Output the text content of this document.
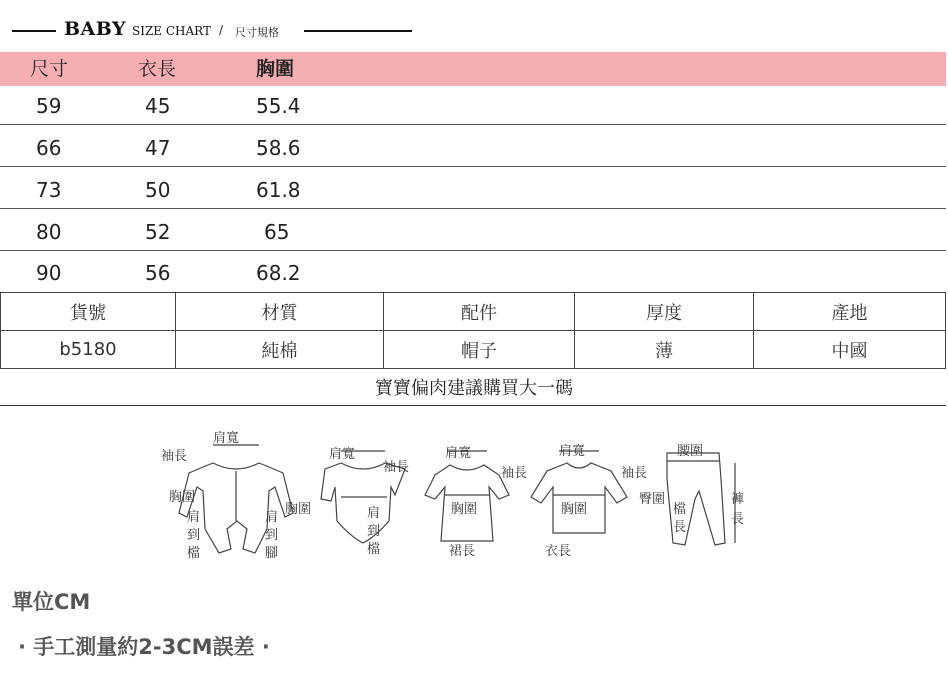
BABY SIZE CHART / 尺寸規格
尺寸	衣長	胸圍
59	45	55.4
66	47	58.6
73	50	61.8
80	52	65
90	56	68.2
貨號	材質	配件	厚度	產地
b5180	純棉	帽子	薄	中國
寶寶偏肉建議購買大一碼
肩寬
袖長
胸圍
肩
到
檔
肩
到
腳
肩寬
袖長
胸圍	肩
到
檔
肩寬
袖長
胸圍
裙長
肩寬
袖長
胸圍
衣長
腰圍
臀圍
檔
長
褲
長
單位CM
· 手工測量約2-3CM誤差 ·
